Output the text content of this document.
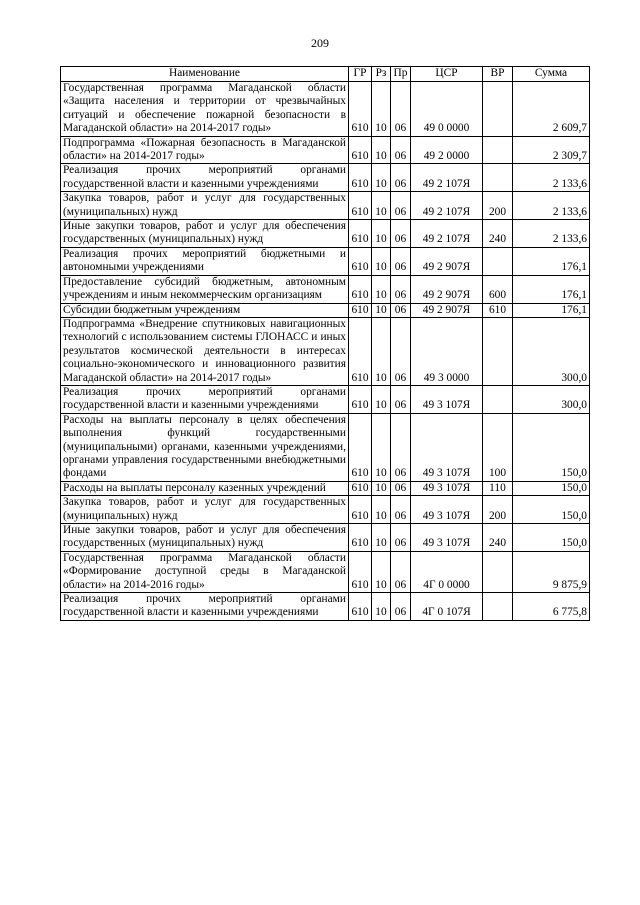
209
Наименование	ГР	Рз	Пр	ЦСР	ВР	Сумма
Государственная программа Магаданской области «Защита населения и территории от чрезвычайных ситуаций и обеспечение пожарной безопасности в Магаданской области» на 2014-2017 годы»	610	10	06	49 0 0000		2 609,7
Подпрограмма «Пожарная безопасность в Магаданской области» на 2014-2017 годы»	610	10	06	49 2 0000		2 309,7
Реализация прочих мероприятий органами государственной власти и казенными учреждениями	610	10	06	49 2 107Я		2 133,6
Закупка товаров, работ и услуг для государственных (муниципальных) нужд	610	10	06	49 2 107Я	200	2 133,6
Иные закупки товаров, работ и услуг для обеспечения государственных (муниципальных) нужд	610	10	06	49 2 107Я	240	2 133,6
Реализация прочих мероприятий бюджетными и автономными учреждениями	610	10	06	49 2 907Я		176,1
Предоставление субсидий бюджетным, автономным учреждениям и иным некоммерческим организациям	610	10	06	49 2 907Я	600	176,1
Субсидии бюджетным учреждениям	610	10	06	49 2 907Я	610	176,1
Подпрограмма «Внедрение спутниковых навигационных технологий с использованием системы ГЛОНАСС и иных результатов космической деятельности в интересах социально-экономического и инновационного развития Магаданской области» на 2014-2017 годы»	610	10	06	49 3 0000		300,0
Реализация прочих мероприятий органами государственной власти и казенными учреждениями	610	10	06	49 3 107Я		300,0
Расходы на выплаты персоналу в целях обеспечения выполнения функций государственными (муниципальными) органами, казенными учреждениями, органами управления государственными внебюджетными фондами	610	10	06	49 3 107Я	100	150,0
Расходы на выплаты персоналу казенных учреждений	610	10	06	49 3 107Я	110	150,0
Закупка товаров, работ и услуг для государственных (муниципальных) нужд	610	10	06	49 3 107Я	200	150,0
Иные закупки товаров, работ и услуг для обеспечения государственных (муниципальных) нужд	610	10	06	49 3 107Я	240	150,0
Государственная программа Магаданской области «Формирование доступной среды в Магаданской области» на 2014-2016 годы»	610	10	06	4Г 0 0000		9 875,9
Реализация прочих мероприятий органами государственной власти и казенными учреждениями	610	10	06	4Г 0 107Я		6 775,8
